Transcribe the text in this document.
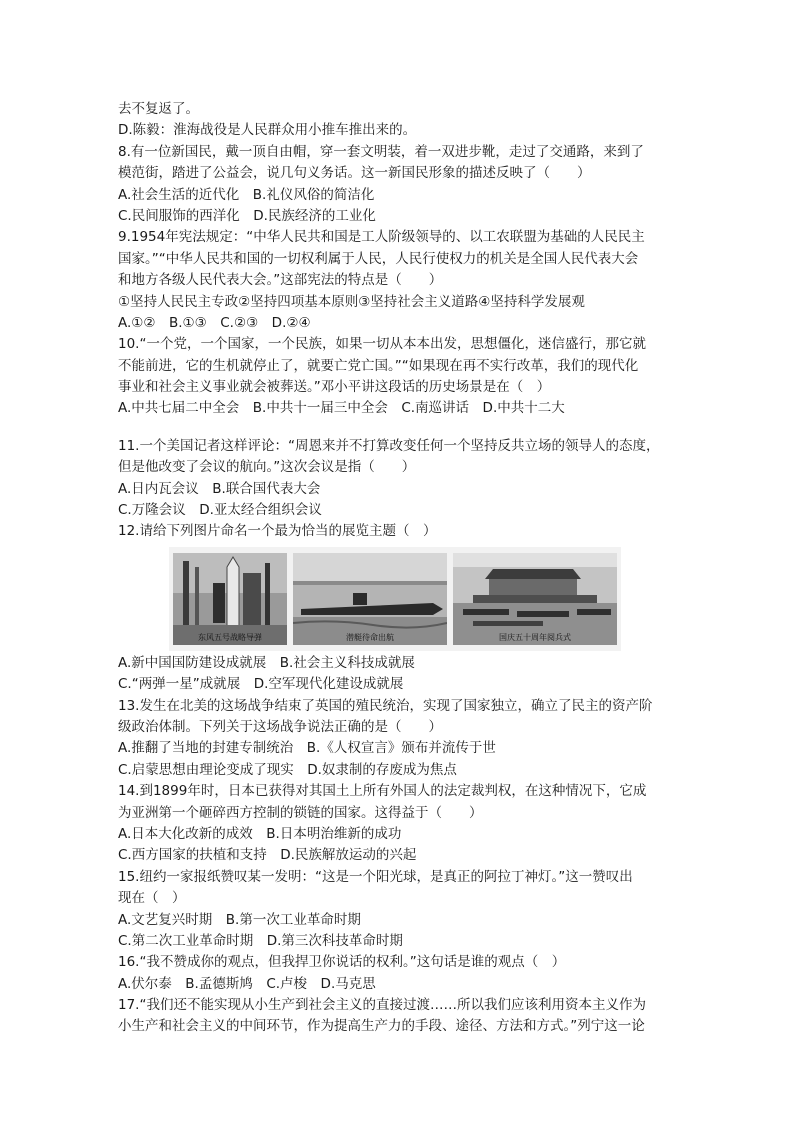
去不复返了。
D.陈毅：淮海战役是人民群众用小推车推出来的。
8.有一位新国民，戴一顶自由帽，穿一套文明装，着一双进步靴，走过了交通路，来到了
模范街，踏进了公益会，说几句义务话。这一新国民形象的描述反映了（　　）
A.社会生活的近代化　B.礼仪风俗的简洁化
C.民间服饰的西洋化　D.民族经济的工业化
9.1954年宪法规定：“中华人民共和国是工人阶级领导的、以工农联盟为基础的人民民主
国家。”“中华人民共和国的一切权利属于人民，人民行使权力的机关是全国人民代表大会
和地方各级人民代表大会。”这部宪法的特点是（　　）
①坚持人民民主专政②坚持四项基本原则③坚持社会主义道路④坚持科学发展观
A.①②　B.①③　C.②③　D.②④
10.“一个党，一个国家，一个民族，如果一切从本本出发，思想僵化，迷信盛行，那它就
不能前进，它的生机就停止了，就要亡党亡国。”“如果现在再不实行改革，我们的现代化
事业和社会主义事业就会被葬送。”邓小平讲这段话的历史场景是在（　）
A.中共七届二中全会　B.中共十一届三中全会　C.南巡讲话　D.中共十二大
11.一个美国记者这样评论：“周恩来并不打算改变任何一个坚持反共立场的领导人的态度，
但是他改变了会议的航向。”这次会议是指（　　）
A.日内瓦会议　B.联合国代表大会
C.万隆会议　D.亚太经合组织会议
12.请给下列图片命名一个最为恰当的展览主题（　）
东风五号战略导弹	潜艇待命出航	国庆五十周年阅兵式
A.新中国国防建设成就展　B.社会主义科技成就展
C.“两弹一星”成就展　D.空军现代化建设成就展
13.发生在北美的这场战争结束了英国的殖民统治，实现了国家独立，确立了民主的资产阶
级政治体制。下列关于这场战争说法正确的是（　　）
A.推翻了当地的封建专制统治　B.《人权宣言》颁布并流传于世
C.启蒙思想由理论变成了现实　D.奴隶制的存废成为焦点
14.到1899年时，日本已获得对其国土上所有外国人的法定裁判权，在这种情况下，它成
为亚洲第一个砸碎西方控制的锁链的国家。这得益于（　　）
A.日本大化改新的成效　B.日本明治维新的成功
C.西方国家的扶植和支持　D.民族解放运动的兴起
15.纽约一家报纸赞叹某一发明：“这是一个阳光球，是真正的阿拉丁神灯。”这一赞叹出
现在（　）
A.文艺复兴时期　B.第一次工业革命时期
C.第二次工业革命时期　D.第三次科技革命时期
16.“我不赞成你的观点，但我捍卫你说话的权利。”这句话是谁的观点（　）
A.伏尔泰　B.孟德斯鸠　C.卢梭　D.马克思
17.“我们还不能实现从小生产到社会主义的直接过渡……所以我们应该利用资本主义作为
小生产和社会主义的中间环节，作为提高生产力的手段、途径、方法和方式。”列宁这一论
